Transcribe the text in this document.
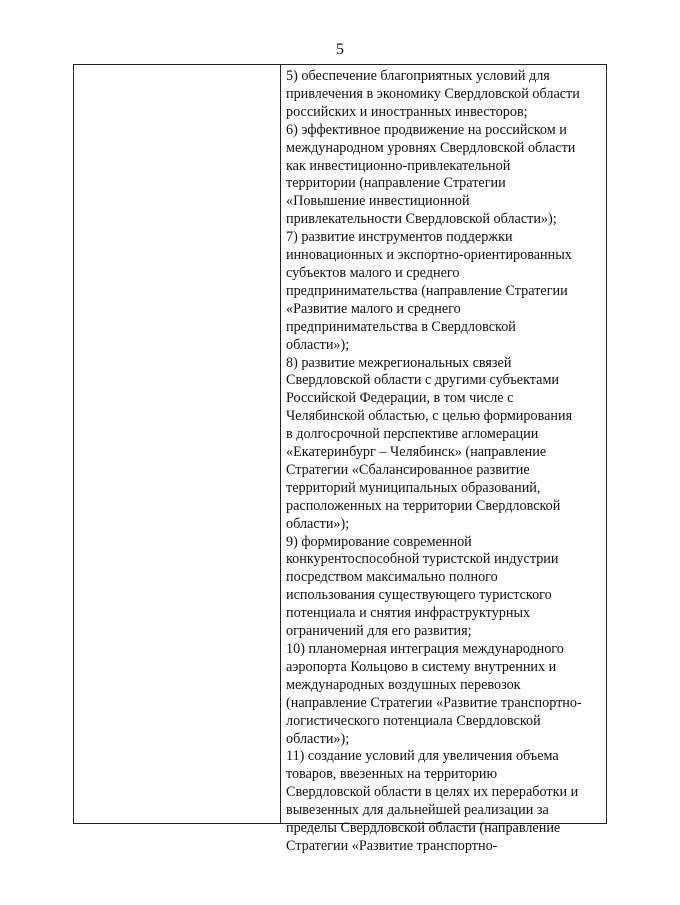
5

5) обеспечение благоприятных условий для
привлечения в экономику Свердловской области
российских и иностранных инвесторов;

6) эффективное продвижение на российском и
международном уровнях Свердловской области
как инвестиционно-привлекательной
территории (направление Стратегии
«Повышение инвестиционной
привлекательности Свердловской области»);

7) развитие инструментов поддержки
инновационных и экспортно-ориентированных
субъектов малого и среднего
предпринимательства (направление Стратегии
«Развитие малого и среднего
предпринимательства в Свердловской
области»);

8) развитие межрегиональных связей
Свердловской области с другими субъектами
Российской Федерации, в том числе с
Челябинской областью, с целью формирования
в долгосрочной перспективе агломерации
«Екатеринбург – Челябинск» (направление
Стратегии «Сбалансированное развитие
территорий муниципальных образований,
расположенных на территории Свердловской
области»);

9) формирование современной
конкурентоспособной туристской индустрии
посредством максимально полного
использования существующего туристского
потенциала и снятия инфраструктурных
ограничений для его развития;

10) планомерная интеграция международного
аэропорта Кольцово в систему внутренних и
международных воздушных перевозок
(направление Стратегии «Развитие транспортно-
логистического потенциала Свердловской
области»);

11) создание условий для увеличения объема
товаров, ввезенных на территорию
Свердловской области в целях их переработки и
вывезенных для дальнейшей реализации за
пределы Свердловской области (направление
Стратегии «Развитие транспортно-
